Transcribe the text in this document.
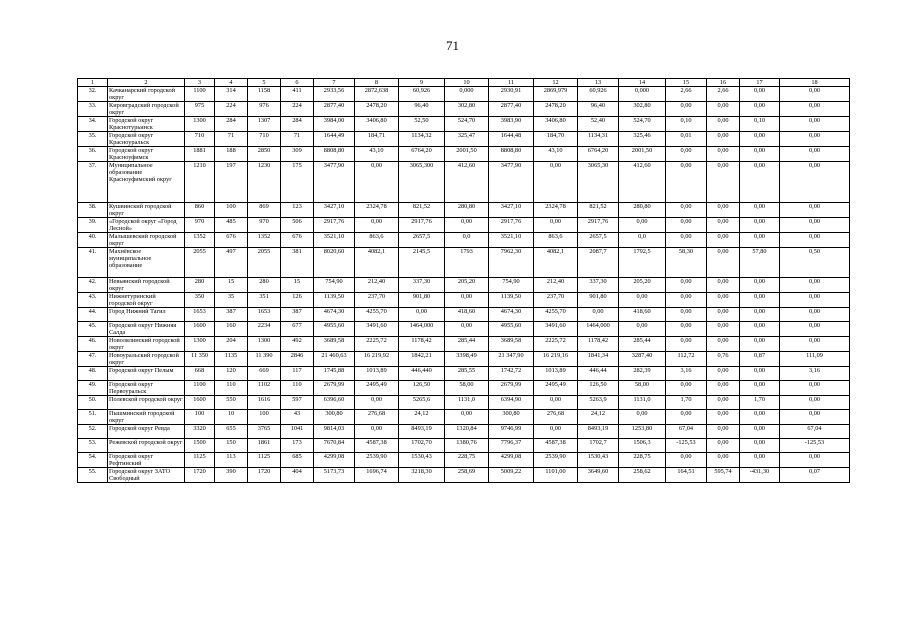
71
1	2	3	4	5	6	7	8	9	10	11	12	13	14	15	16	17	18
32.	Качканарский городской округ	1100	314	1158	411	2933,56	2872,638	60,926	0,000	2930,91	2869,979	60,926	0,000	2,66	2,66	0,00	0,00
33.	Кировградский городской округ	975	224	976	224	2877,40	2478,20	96,40	302,80	2877,40	2478,20	96,40	302,80	0,00	0,00	0,00	0,00
34.	Городской округ Краснотурьинск	1300	284	1307	284	3984,00	3406,80	52,50	524,70	3983,90	3406,80	52,40	524,70	0,10	0,00	0,10	0,00
35.	Городской округ Красноуральск	710	71	710	71	1644,49	184,71	1134,32	325,47	1644,48	184,70	1134,31	325,46	0,01	0,00	0,00	0,00
36.	Городской округ Красноуфимск	1881	188	2850	309	8808,80	43,10	6764,20	2001,50	8808,80	43,10	6764,20	2001,50	0,00	0,00	0,00	0,00
37.	Муниципальное образование Красноуфимский округ	1210	197	1230	175	3477,90	0,00	3065,300	412,60	3477,90	0,00	3065,30	412,60	0,00	0,00	0,00	0,00
38.	Кушвинский городской округ	860	100	869	123	3427,10	2324,78	821,52	280,80	3427,10	2324,78	821,52	280,80	0,00	0,00	0,00	0,00
39.	«Городской округ «Город Лесной»	970	485	970	506	2917,76	0,00	2917,76	0,00	2917,76	0,00	2917,76	0,00	0,00	0,00	0,00	0,00
40.	Малышевский городской округ	1352	676	1352	676	3521,10	863,6	2657,5	0,0	3521,10	863,6	2657,5	0,0	0,00	0,00	0,00	0,00
41.	Махнёвское муниципальное образование	2055	497	2055	381	8020,60	4082,1	2145,5	1793	7962,30	4082,1	2087,7	1792,5	58,30	0,00	57,80	0,50
42.	Невьянский городской округ	280	15	280	15	754,90	212,40	337,30	205,20	754,90	212,40	337,30	205,20	0,00	0,00	0,00	0,00
43.	Нижнетуринский городской округ	350	35	351	126	1139,50	237,70	901,80	0,00	1139,50	237,70	901,80	0,00	0,00	0,00	0,00	0,00
44.	Город Нижний Тагил	1653	387	1653	387	4674,30	4255,70	0,00	418,60	4674,30	4255,70	0,00	418,60	0,00	0,00	0,00	0,00
45.	Городской округ Нижняя Салда	1600	160	2234	677	4955,60	3491,60	1464,000	0,00	4955,60	3491,60	1464,000	0,00	0,00	0,00	0,00	0,00
46.	Новолялинский городской округ	1300	204	1300	492	3689,58	2225,72	1178,42	285,44	3689,58	2225,72	1178,42	285,44	0,00	0,00	0,00	0,00
47.	Новоуральский городской округ	11 350	1135	11 390	2846	21 460,63	16 219,92	1842,21	3398,49	21 347,90	16 219,16	1841,34	3287,40	112,72	0,76	0,87	111,09
48.	Городской округ Пелым	668	120	669	117	1745,88	1013,89	446,440	285,55	1742,72	1013,89	446,44	282,39	3,16	0,00	0,00	3,16
49.	Городской округ Первоуральск	1100	110	1102	110	2679,99	2495,49	126,50	58,00	2679,99	2495,49	126,50	58,00	0,00	0,00	0,00	0,00
50.	Полевской городской округ	1600	550	1616	597	6396,60	0,00	5265,6	1131,0	6394,90	0,00	5263,9	1131,0	1,70	0,00	1,70	0,00
51.	Пышминский городской округ	100	10	100	43	300,80	276,68	24,12	0,00	300,80	276,68	24,12	0,00	0,00	0,00	0,00	0,00
52.	Городской округ Ревда	3320	655	3765	1041	9814,03	0,00	8493,19	1320,84	9746,99	0,00	8493,19	1253,80	67,04	0,00	0,00	67,04
53.	Режевской городской округ	1500	150	1861	173	7670,84	4587,38	1702,70	1380,76	7796,37	4587,38	1702,7	1506,3	-125,53	0,00	0,00	-125,53
54.	Городской округ Рефтинский	1125	113	1125	685	4299,08	2539,90	1530,43	228,75	4299,08	2539,90	1530,43	228,75	0,00	0,00	0,00	0,00
55.	Городской округ ЗАТО Свободный	1720	390	1720	404	5173,73	1696,74	3218,30	258,69	5009,22	1101,00	3649,60	258,62	164,51	595,74	-431,30	0,07
